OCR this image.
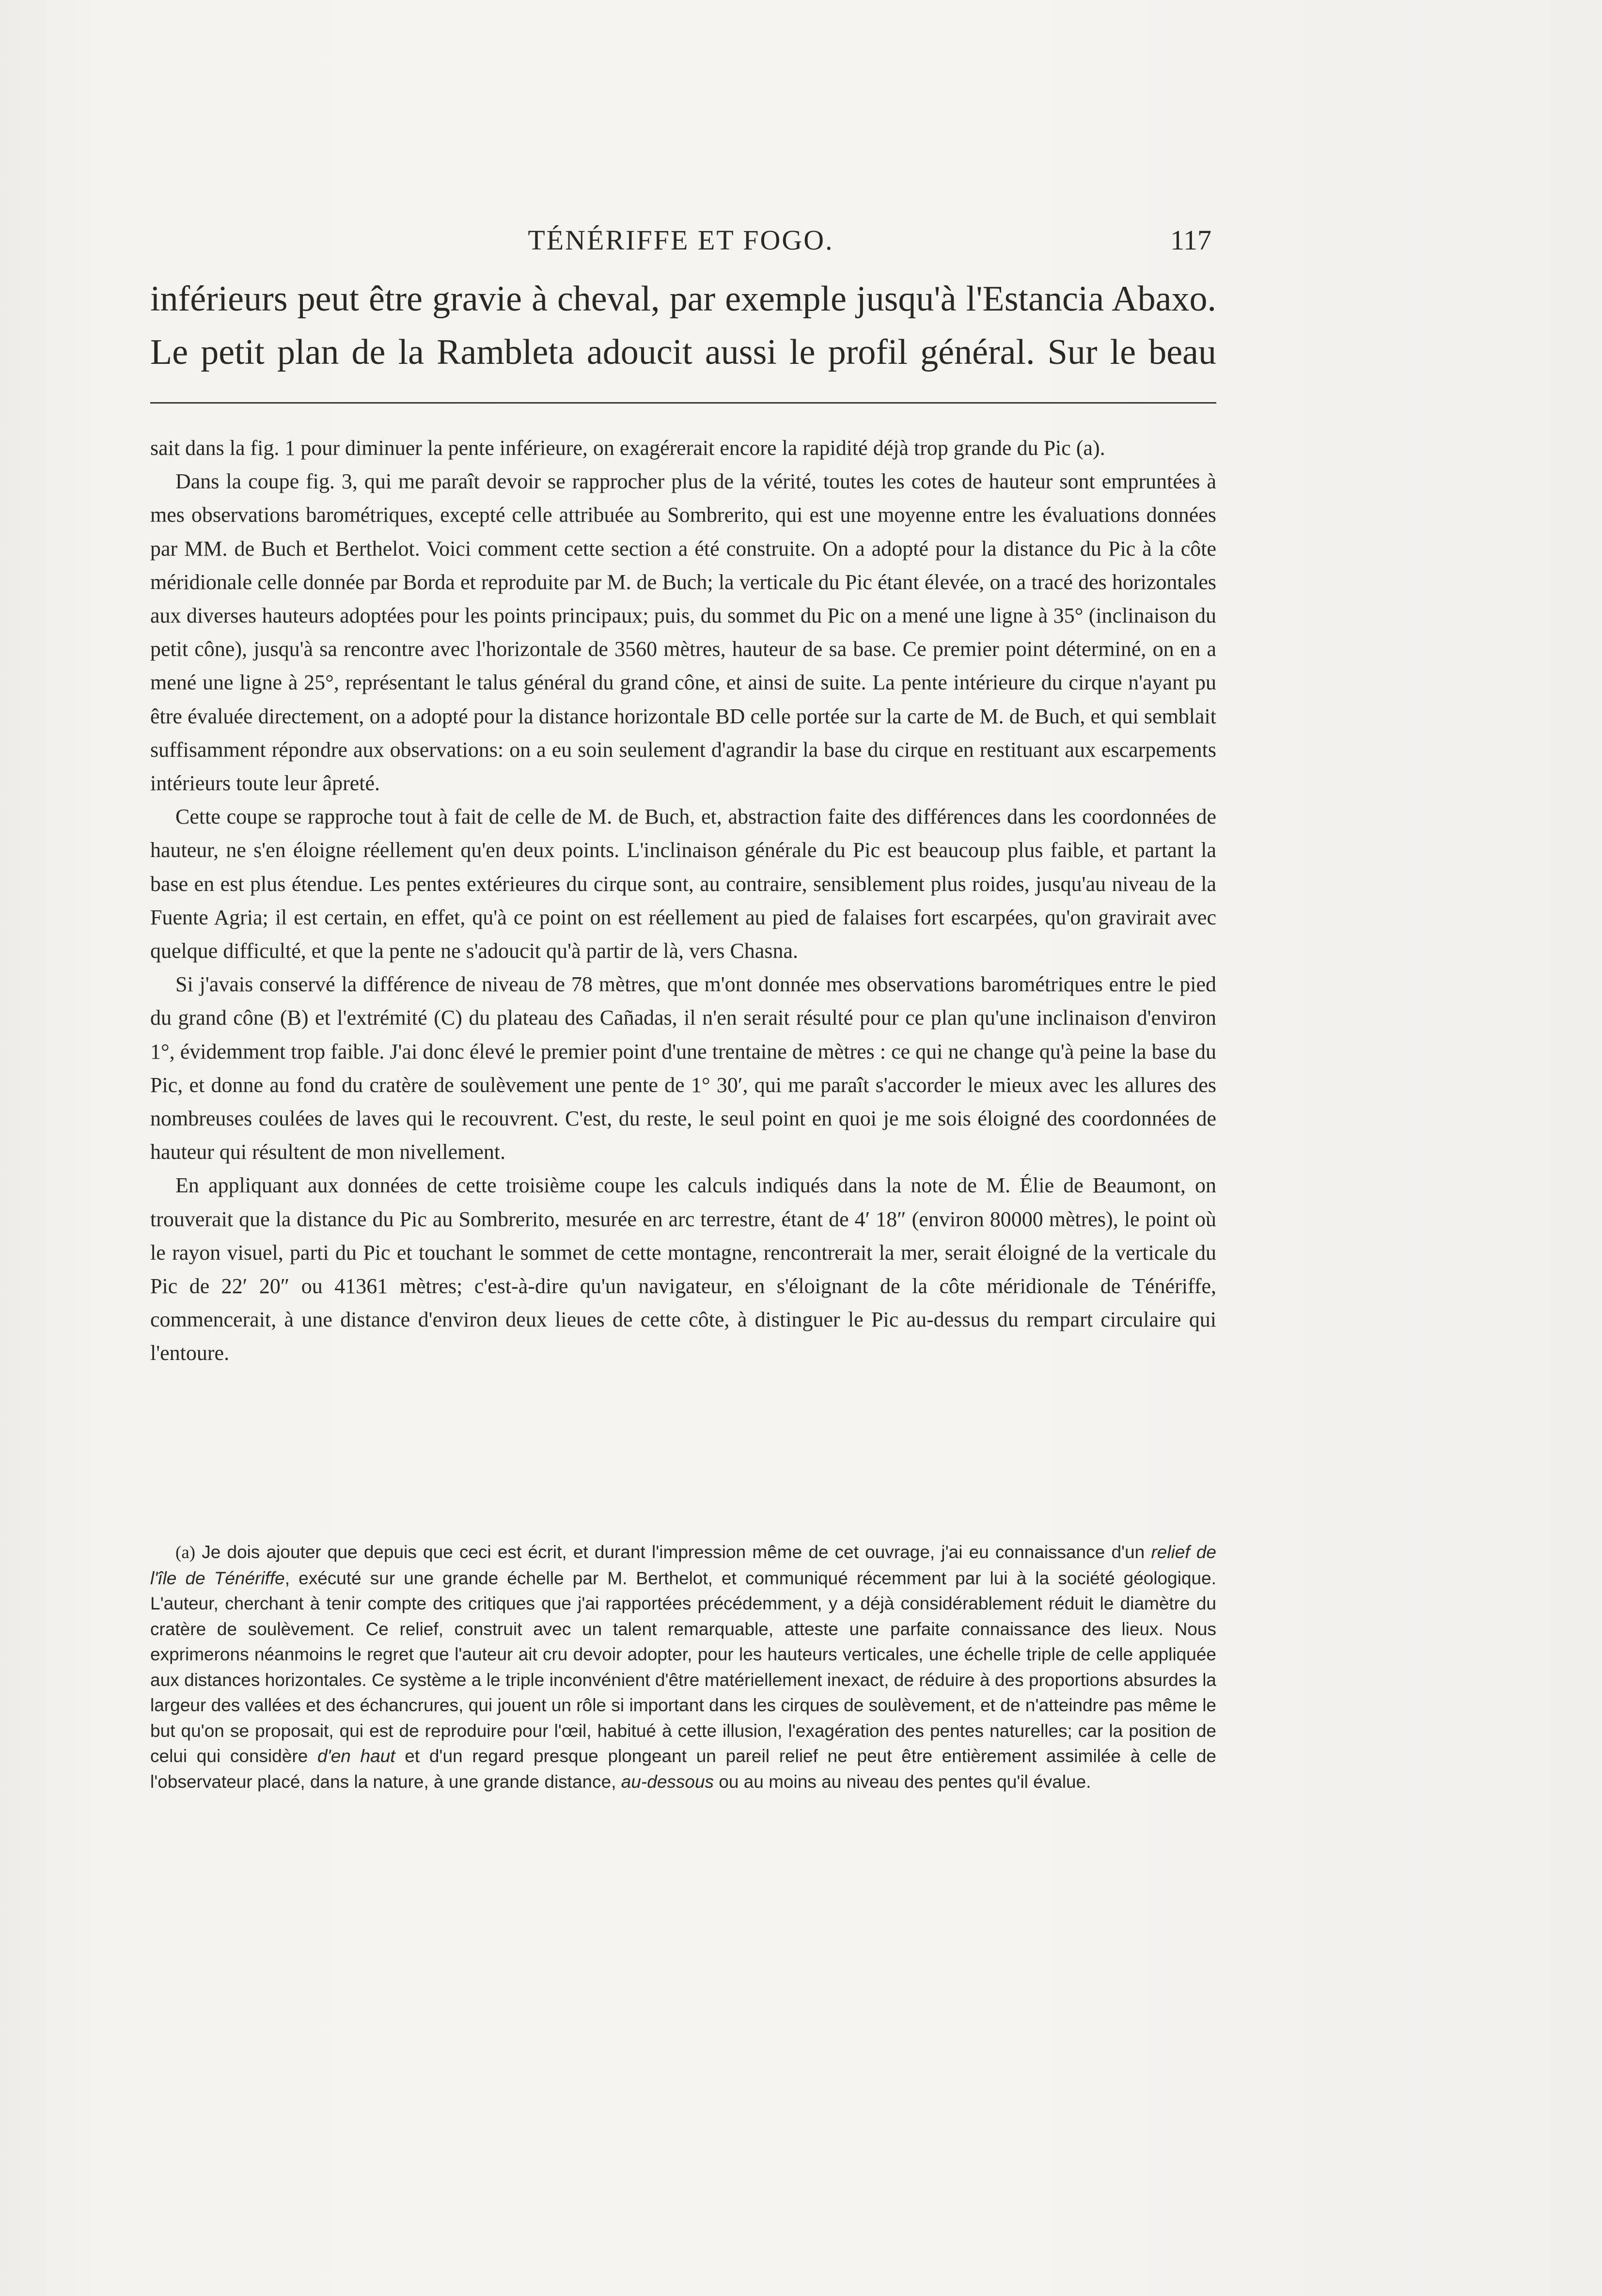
TÉNÉRIFFE ET FOGO.	117
inférieurs peut être gravie à cheval, par exemple jusqu'à l'Estancia Abaxo.
Le petit plan de la Rambleta adoucit aussi le profil général. Sur le beau

sait dans la fig. 1 pour diminuer la pente inférieure, on exagérerait encore la rapidité déjà trop grande du Pic (a).

Dans la coupe fig. 3, qui me paraît devoir se rapprocher plus de la vérité, toutes les cotes de hauteur sont empruntées à mes observations barométriques, excepté celle attribuée au Sombrerito, qui est une moyenne entre les évaluations données par MM. de Buch et Berthelot. Voici comment cette section a été construite. On a adopté pour la distance du Pic à la côte méridionale celle donnée par Borda et reproduite par M. de Buch; la verticale du Pic étant élevée, on a tracé des horizontales aux diverses hauteurs adoptées pour les points principaux; puis, du sommet du Pic on a mené une ligne à 35° (inclinaison du petit cône), jusqu'à sa rencontre avec l'horizontale de 3560 mètres, hauteur de sa base. Ce premier point déterminé, on en a mené une ligne à 25°, représentant le talus général du grand cône, et ainsi de suite. La pente intérieure du cirque n'ayant pu être évaluée directement, on a adopté pour la distance horizontale BD celle portée sur la carte de M. de Buch, et qui semblait suffisamment répondre aux observations: on a eu soin seulement d'agrandir la base du cirque en restituant aux escarpements intérieurs toute leur âpreté.

Cette coupe se rapproche tout à fait de celle de M. de Buch, et, abstraction faite des différences dans les coordonnées de hauteur, ne s'en éloigne réellement qu'en deux points. L'inclinaison générale du Pic est beaucoup plus faible, et partant la base en est plus étendue. Les pentes extérieures du cirque sont, au contraire, sensiblement plus roides, jusqu'au niveau de la Fuente Agria; il est certain, en effet, qu'à ce point on est réellement au pied de falaises fort escarpées, qu'on gravirait avec quelque difficulté, et que la pente ne s'adoucit qu'à partir de là, vers Chasna.

Si j'avais conservé la différence de niveau de 78 mètres, que m'ont donnée mes observations barométriques entre le pied du grand cône (B) et l'extrémité (C) du plateau des Cañadas, il n'en serait résulté pour ce plan qu'une inclinaison d'environ 1°, évidemment trop faible. J'ai donc élevé le premier point d'une trentaine de mètres : ce qui ne change qu'à peine la base du Pic, et donne au fond du cratère de soulèvement une pente de 1° 30′, qui me paraît s'accorder le mieux avec les allures des nombreuses coulées de laves qui le recouvrent. C'est, du reste, le seul point en quoi je me sois éloigné des coordonnées de hauteur qui résultent de mon nivellement.

En appliquant aux données de cette troisième coupe les calculs indiqués dans la note de M. Élie de Beaumont, on trouverait que la distance du Pic au Sombrerito, mesurée en arc terrestre, étant de 4′ 18″ (environ 80000 mètres), le point où le rayon visuel, parti du Pic et touchant le sommet de cette montagne, rencontrerait la mer, serait éloigné de la verticale du Pic de 22′ 20″ ou 41361 mètres; c'est-à-dire qu'un navigateur, en s'éloignant de la côte méridionale de Ténériffe, commencerait, à une distance d'environ deux lieues de cette côte, à distinguer le Pic au-dessus du rempart circulaire qui l'entoure.

(a) Je dois ajouter que depuis que ceci est écrit, et durant l'impression même de cet ouvrage, j'ai eu connaissance d'un relief de l'île de Ténériffe, exécuté sur une grande échelle par M. Berthelot, et communiqué récemment par lui à la société géologique. L'auteur, cherchant à tenir compte des critiques que j'ai rapportées précédemment, y a déjà considérablement réduit le diamètre du cratère de soulèvement. Ce relief, construit avec un talent remarquable, atteste une parfaite connaissance des lieux. Nous exprimerons néanmoins le regret que l'auteur ait cru devoir adopter, pour les hauteurs verticales, une échelle triple de celle appliquée aux distances horizontales. Ce système a le triple inconvénient d'être matériellement inexact, de réduire à des proportions absurdes la largeur des vallées et des échancrures, qui jouent un rôle si important dans les cirques de soulèvement, et de n'atteindre pas même le but qu'on se proposait, qui est de reproduire pour l'œil, habitué à cette illusion, l'exagération des pentes naturelles; car la position de celui qui considère d'en haut et d'un regard presque plongeant un pareil relief ne peut être entièrement assimilée à celle de l'observateur placé, dans la nature, à une grande distance, au-dessous ou au moins au niveau des pentes qu'il évalue.
